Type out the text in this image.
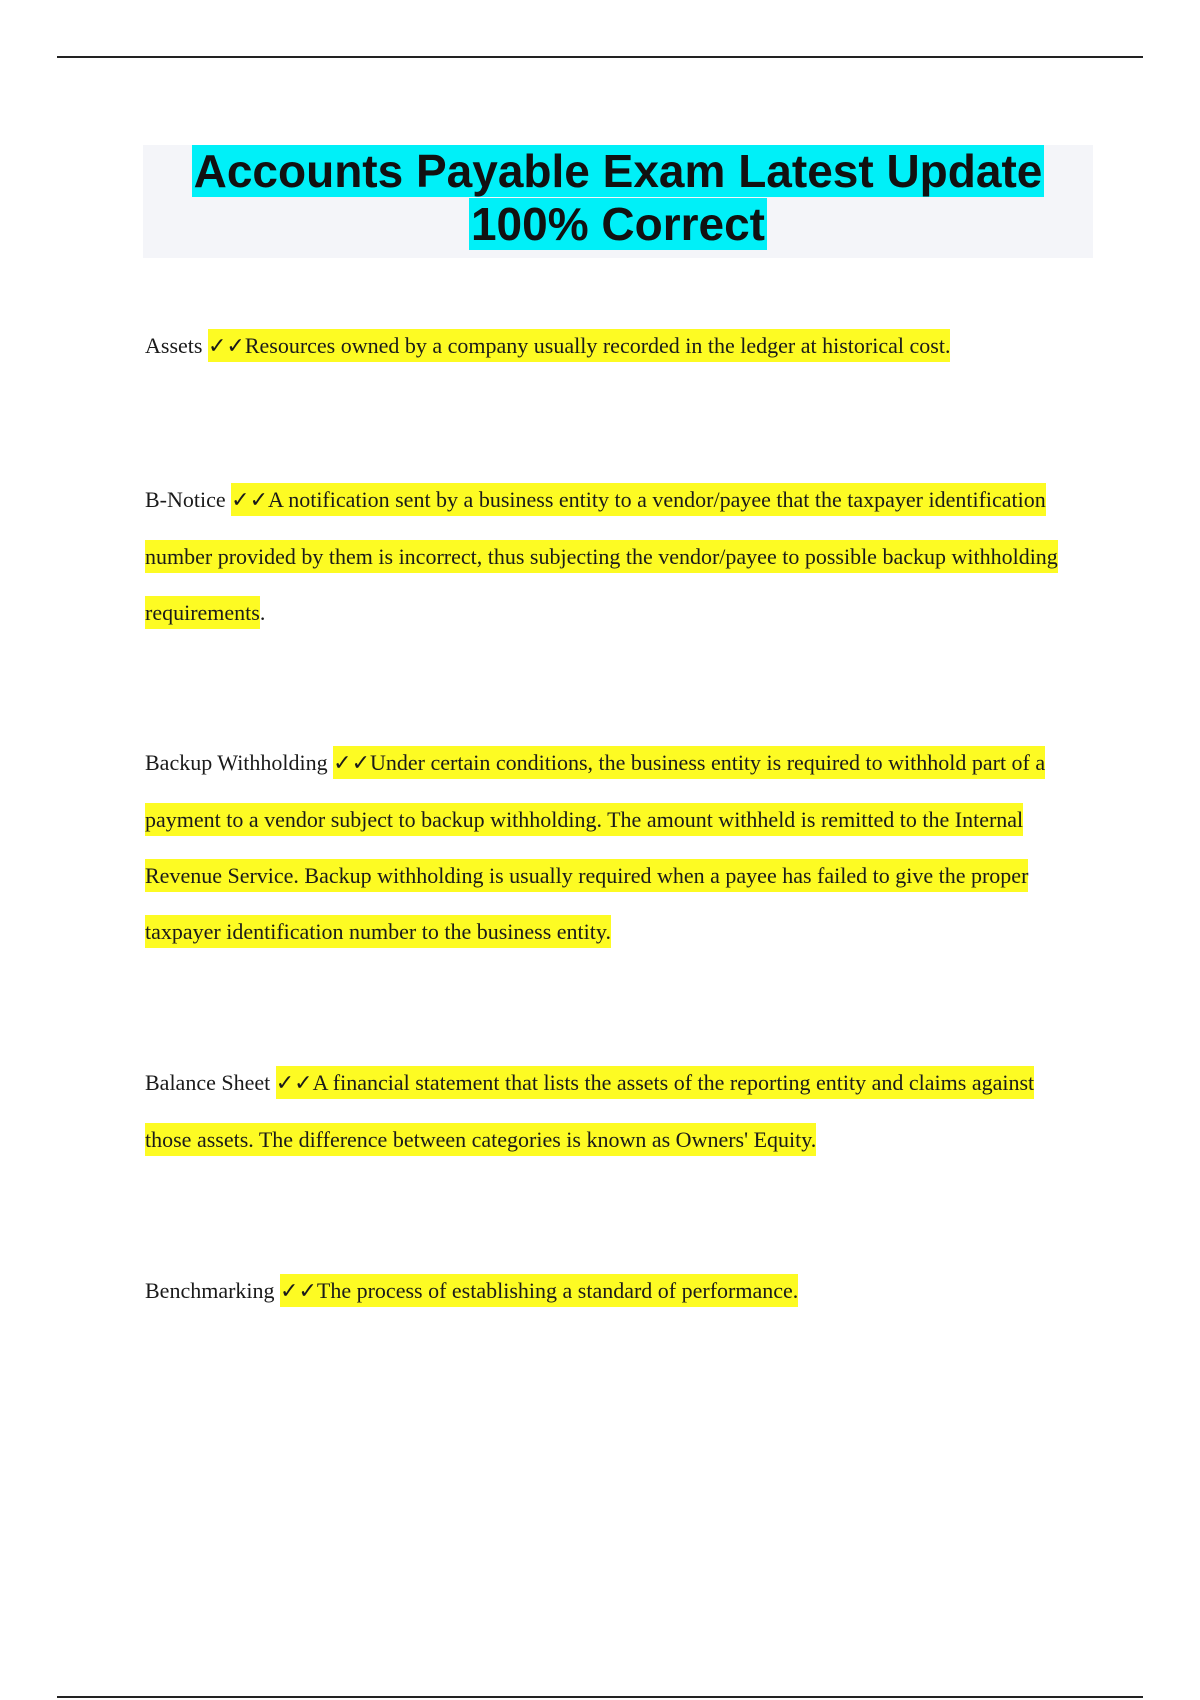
Accounts Payable Exam Latest Update
100% Correct
Assets ✓✓Resources owned by a company usually recorded in the ledger at historical cost.
B-Notice ✓✓A notification sent by a business entity to a vendor/payee that the taxpayer identification number provided by them is incorrect, thus subjecting the vendor/payee to possible backup withholding requirements.
Backup Withholding ✓✓Under certain conditions, the business entity is required to withhold part of a payment to a vendor subject to backup withholding. The amount withheld is remitted to the Internal Revenue Service. Backup withholding is usually required when a payee has failed to give the proper taxpayer identification number to the business entity.
Balance Sheet ✓✓A financial statement that lists the assets of the reporting entity and claims against those assets. The difference between categories is known as Owners' Equity.
Benchmarking ✓✓The process of establishing a standard of performance.
